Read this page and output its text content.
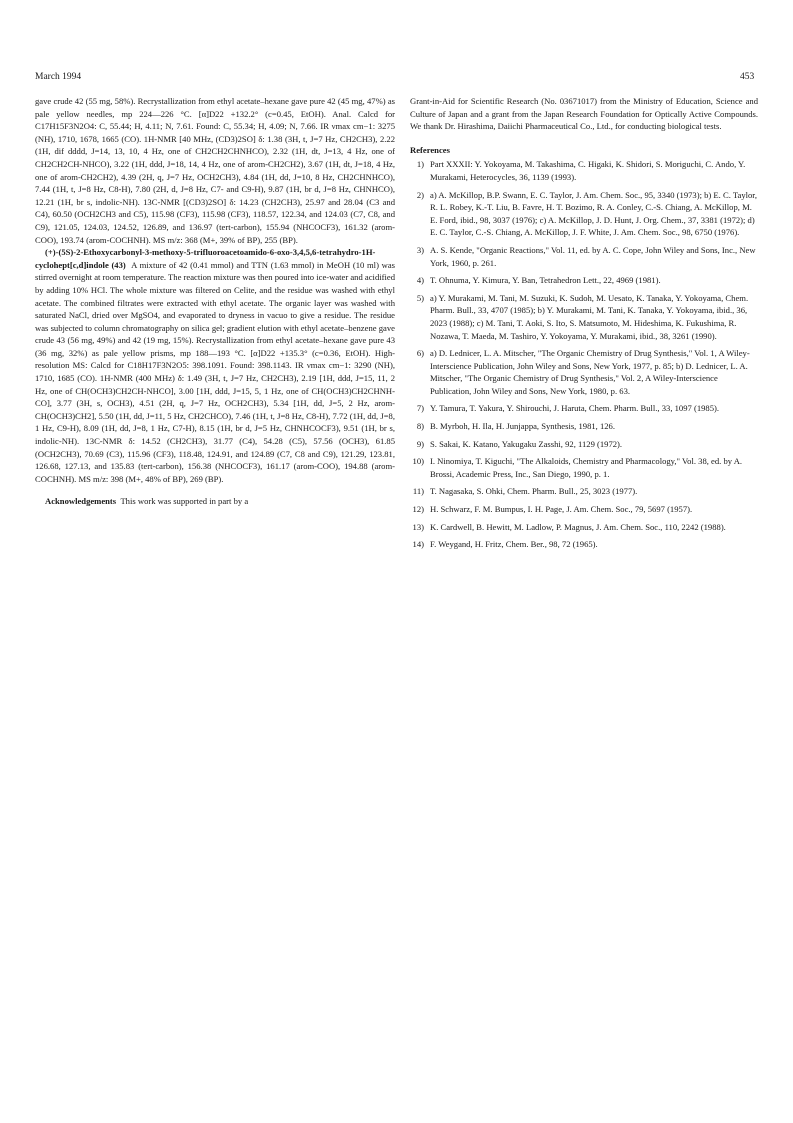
March 1994	453

gave crude 42 (55 mg, 58%). Recrystallization from ethyl acetate–hexane gave pure 42 (45 mg, 47%) as pale yellow needles, mp 224—226 °C. [α]D22 +132.2° (c=0.45, EtOH). Anal. Calcd for C17H15F3N2O4: C, 55.44; H, 4.11; N, 7.61. Found: C, 55.34; H, 4.09; N, 7.66. IR νmax cm−1: 3275 (NH), 1710, 1678, 1665 (CO). 1H-NMR [40 MHz, (CD3)2SO] δ: 1.38 (3H, t, J=7 Hz, CH2CH3), 2.22 (1H, dif dddd, J=14, 13, 10, 4 Hz, one of CH2CH2CHNHCO), 2.32 (1H, dt, J=13, 4 Hz, one of CH2CH2CH-NHCO), 3.22 (1H, ddd, J=18, 14, 4 Hz, one of arom-CH2CH2), 3.67 (1H, dt, J=18, 4 Hz, one of arom-CH2CH2), 4.39 (2H, q, J=7 Hz, OCH2CH3), 4.84 (1H, dd, J=10, 8 Hz, CH2CHNHCO), 7.44 (1H, t, J=8 Hz, C8-H), 7.80 (2H, d, J=8 Hz, C7- and C9-H), 9.87 (1H, br d, J=8 Hz, CHNHCO), 12.21 (1H, br s, indolic-NH). 13C-NMR [(CD3)2SO] δ: 14.23 (CH2CH3), 25.97 and 28.04 (C3 and C4), 60.50 (OCH2CH3 and C5), 115.98 (CF3), 115.98 (CF3), 118.57, 122.34, and 124.03 (C7, C8, and C9), 121.05, 124.03, 124.52, 126.89, and 136.97 (tert-carbon), 155.94 (NHCOCF3), 161.32 (arom-COO), 193.74 (arom-COCHNH). MS m/z: 368 (M+, 39% of BP), 255 (BP).

(+)-(5S)-2-Ethoxycarbonyl-3-methoxy-5-trifluoroacetoamido-6-oxo-3,4,5,6-tetrahydro-1H-cyclohept[c,d]indole (43) A mixture of 42 (0.41 mmol) and TTN (1.63 mmol) in MeOH (10 ml) was stirred overnight at room temperature. The reaction mixture was then poured into ice-water and acidified by adding 10% HCl. The whole mixture was filtered on Celite, and the residue was washed with ethyl acetate. The combined filtrates were extracted with ethyl acetate. The organic layer was washed with saturated NaCl, dried over MgSO4, and evaporated to dryness in vacuo to give a residue. The residue was subjected to column chromatography on silica gel; gradient elution with ethyl acetate–benzene gave crude 43 (56 mg, 49%) and 42 (19 mg, 15%). Recrystallization from ethyl acetate–hexane gave pure 43 (36 mg, 32%) as pale yellow prisms, mp 188—193 °C. [α]D22 +135.3° (c=0.36, EtOH). High-resolution MS: Calcd for C18H17F3N2O5: 398.1091. Found: 398.1143. IR νmax cm−1: 3290 (NH), 1710, 1685 (CO). 1H-NMR (400 MHz) δ: 1.49 (3H, t, J=7 Hz, CH2CH3), 2.19 [1H, ddd, J=15, 11, 2 Hz, one of CH(OCH3)CH2CH-NHCO], 3.00 [1H, ddd, J=15, 5, 1 Hz, one of CH(OCH3)CH2CHNH-CO], 3.77 (3H, s, OCH3), 4.51 (2H, q, J=7 Hz, OCH2CH3), 5.34 [1H, dd, J=5, 2 Hz, arom-CH(OCH3)CH2], 5.50 (1H, dd, J=11, 5 Hz, CH2CHCO), 7.46 (1H, t, J=8 Hz, C8-H), 7.72 (1H, dd, J=8, 1 Hz, C9-H), 8.09 (1H, dd, J=8, 1 Hz, C7-H), 8.15 (1H, br d, J=5 Hz, CHNHCOCF3), 9.51 (1H, br s, indolic-NH). 13C-NMR δ: 14.52 (CH2CH3), 31.77 (C4), 54.28 (C5), 57.56 (OCH3), 61.85 (OCH2CH3), 70.69 (C3), 115.96 (CF3), 118.48, 124.91, and 124.89 (C7, C8 and C9), 121.29, 123.81, 126.68, 127.13, and 135.83 (tert-carbon), 156.38 (NHCOCF3), 161.17 (arom-COO), 194.88 (arom-COCHNH). MS m/z: 398 (M+, 48% of BP), 269 (BP).

Acknowledgements This work was supported in part by a

Grant-in-Aid for Scientific Research (No. 03671017) from the Ministry of Education, Science and Culture of Japan and a grant from the Japan Research Foundation for Optically Active Compounds. We thank Dr. Hirashima, Daiichi Pharmaceutical Co., Ltd., for conducting biological tests.

References
1) Part XXXII: Y. Yokoyama, M. Takashima, C. Higaki, K. Shidori, S. Moriguchi, C. Ando, Y. Murakami, Heterocycles, 36, 1139 (1993).
2) a) A. McKillop, B.P. Swann, E. C. Taylor, J. Am. Chem. Soc., 95, 3340 (1973); b) E. C. Taylor, R. L. Robey, K.-T. Liu, B. Favre, H. T. Bozimo, R. A. Conley, C.-S. Chiang, A. McKillop, M. E. Ford, ibid., 98, 3037 (1976); c) A. McKillop, J. D. Hunt, J. Org. Chem., 37, 3381 (1972); d) E. C. Taylor, C.-S. Chiang, A. McKillop, J. F. White, J. Am. Chem. Soc., 98, 6750 (1976).
3) A. S. Kende, "Organic Reactions," Vol. 11, ed. by A. C. Cope, John Wiley and Sons, Inc., New York, 1960, p. 261.
4) T. Ohnuma, Y. Kimura, Y. Ban, Tetrahedron Lett., 22, 4969 (1981).
5) a) Y. Murakami, M. Tani, M. Suzuki, K. Sudoh, M. Uesato, K. Tanaka, Y. Yokoyama, Chem. Pharm. Bull., 33, 4707 (1985); b) Y. Murakami, M. Tani, K. Tanaka, Y. Yokoyama, ibid., 36, 2023 (1988); c) M. Tani, T. Aoki, S. Ito, S. Matsumoto, M. Hideshima, K. Fukushima, R. Nozawa, T. Maeda, M. Tashiro, Y. Yokoyama, Y. Murakami, ibid., 38, 3261 (1990).
6) a) D. Lednicer, L. A. Mitscher, "The Organic Chemistry of Drug Synthesis," Vol. 1, A Wiley-Interscience Publication, John Wiley and Sons, New York, 1977, p. 85; b) D. Lednicer, L. A. Mitscher, "The Organic Chemistry of Drug Synthesis," Vol. 2, A Wiley-Interscience Publication, John Wiley and Sons, New York, 1980, p. 63.
7) Y. Tamura, T. Yakura, Y. Shirouchi, J. Haruta, Chem. Pharm. Bull., 33, 1097 (1985).
8) B. Myrboh, H. Ila, H. Junjappa, Synthesis, 1981, 126.
9) S. Sakai, K. Katano, Yakugaku Zasshi, 92, 1129 (1972).
10) I. Ninomiya, T. Kiguchi, "The Alkaloids, Chemistry and Pharmacology," Vol. 38, ed. by A. Brossi, Academic Press, Inc., San Diego, 1990, p. 1.
11) T. Nagasaka, S. Ohki, Chem. Pharm. Bull., 25, 3023 (1977).
12) H. Schwarz, F. M. Bumpus, I. H. Page, J. Am. Chem. Soc., 79, 5697 (1957).
13) K. Cardwell, B. Hewitt, M. Ladlow, P. Magnus, J. Am. Chem. Soc., 110, 2242 (1988).
14) F. Weygand, H. Fritz, Chem. Ber., 98, 72 (1965).
